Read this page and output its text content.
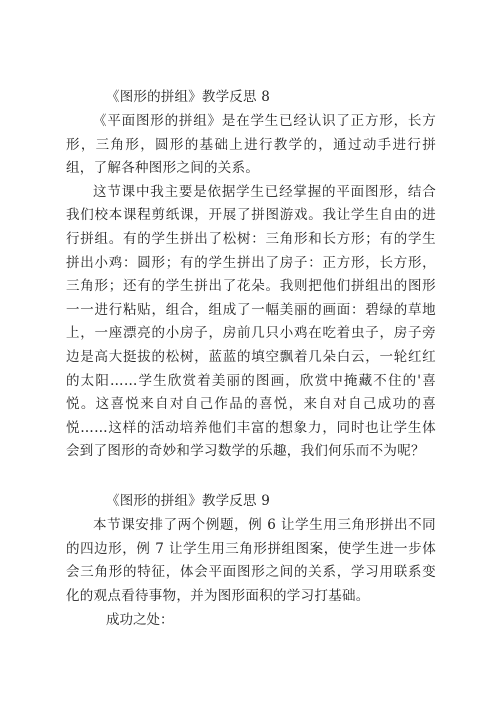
《图形的拼组》教学反思 8

《平面图形的拼组》是在学生已经认识了正方形，长方形，三角形，圆形的基础上进行教学的，通过动手进行拼组，了解各种图形之间的关系。

这节课中我主要是依据学生已经掌握的平面图形，结合我们校本课程剪纸课，开展了拼图游戏。我让学生自由的进行拼组。有的学生拼出了松树：三角形和长方形；有的学生拼出小鸡：圆形；有的学生拼出了房子：正方形，长方形，三角形；还有的学生拼出了花朵。我则把他们拼组出的图形一一进行粘贴，组合，组成了一幅美丽的画面：碧绿的草地上，一座漂亮的小房子，房前几只小鸡在吃着虫子，房子旁边是高大挺拔的松树，蓝蓝的填空飘着几朵白云，一轮红红的太阳……学生欣赏着美丽的图画，欣赏中掩藏不住的'喜悦。这喜悦来自对自己作品的喜悦，来自对自己成功的喜悦……这样的活动培养他们丰富的想象力，同时也让学生体会到了图形的奇妙和学习数学的乐趣，我们何乐而不为呢？

《图形的拼组》教学反思 9

本节课安排了两个例题，例 6 让学生用三角形拼出不同的四边形，例 7 让学生用三角形拼组图案，使学生进一步体会三角形的特征，体会平面图形之间的关系，学习用联系变化的观点看待事物，并为图形面积的学习打基础。

成功之处：
